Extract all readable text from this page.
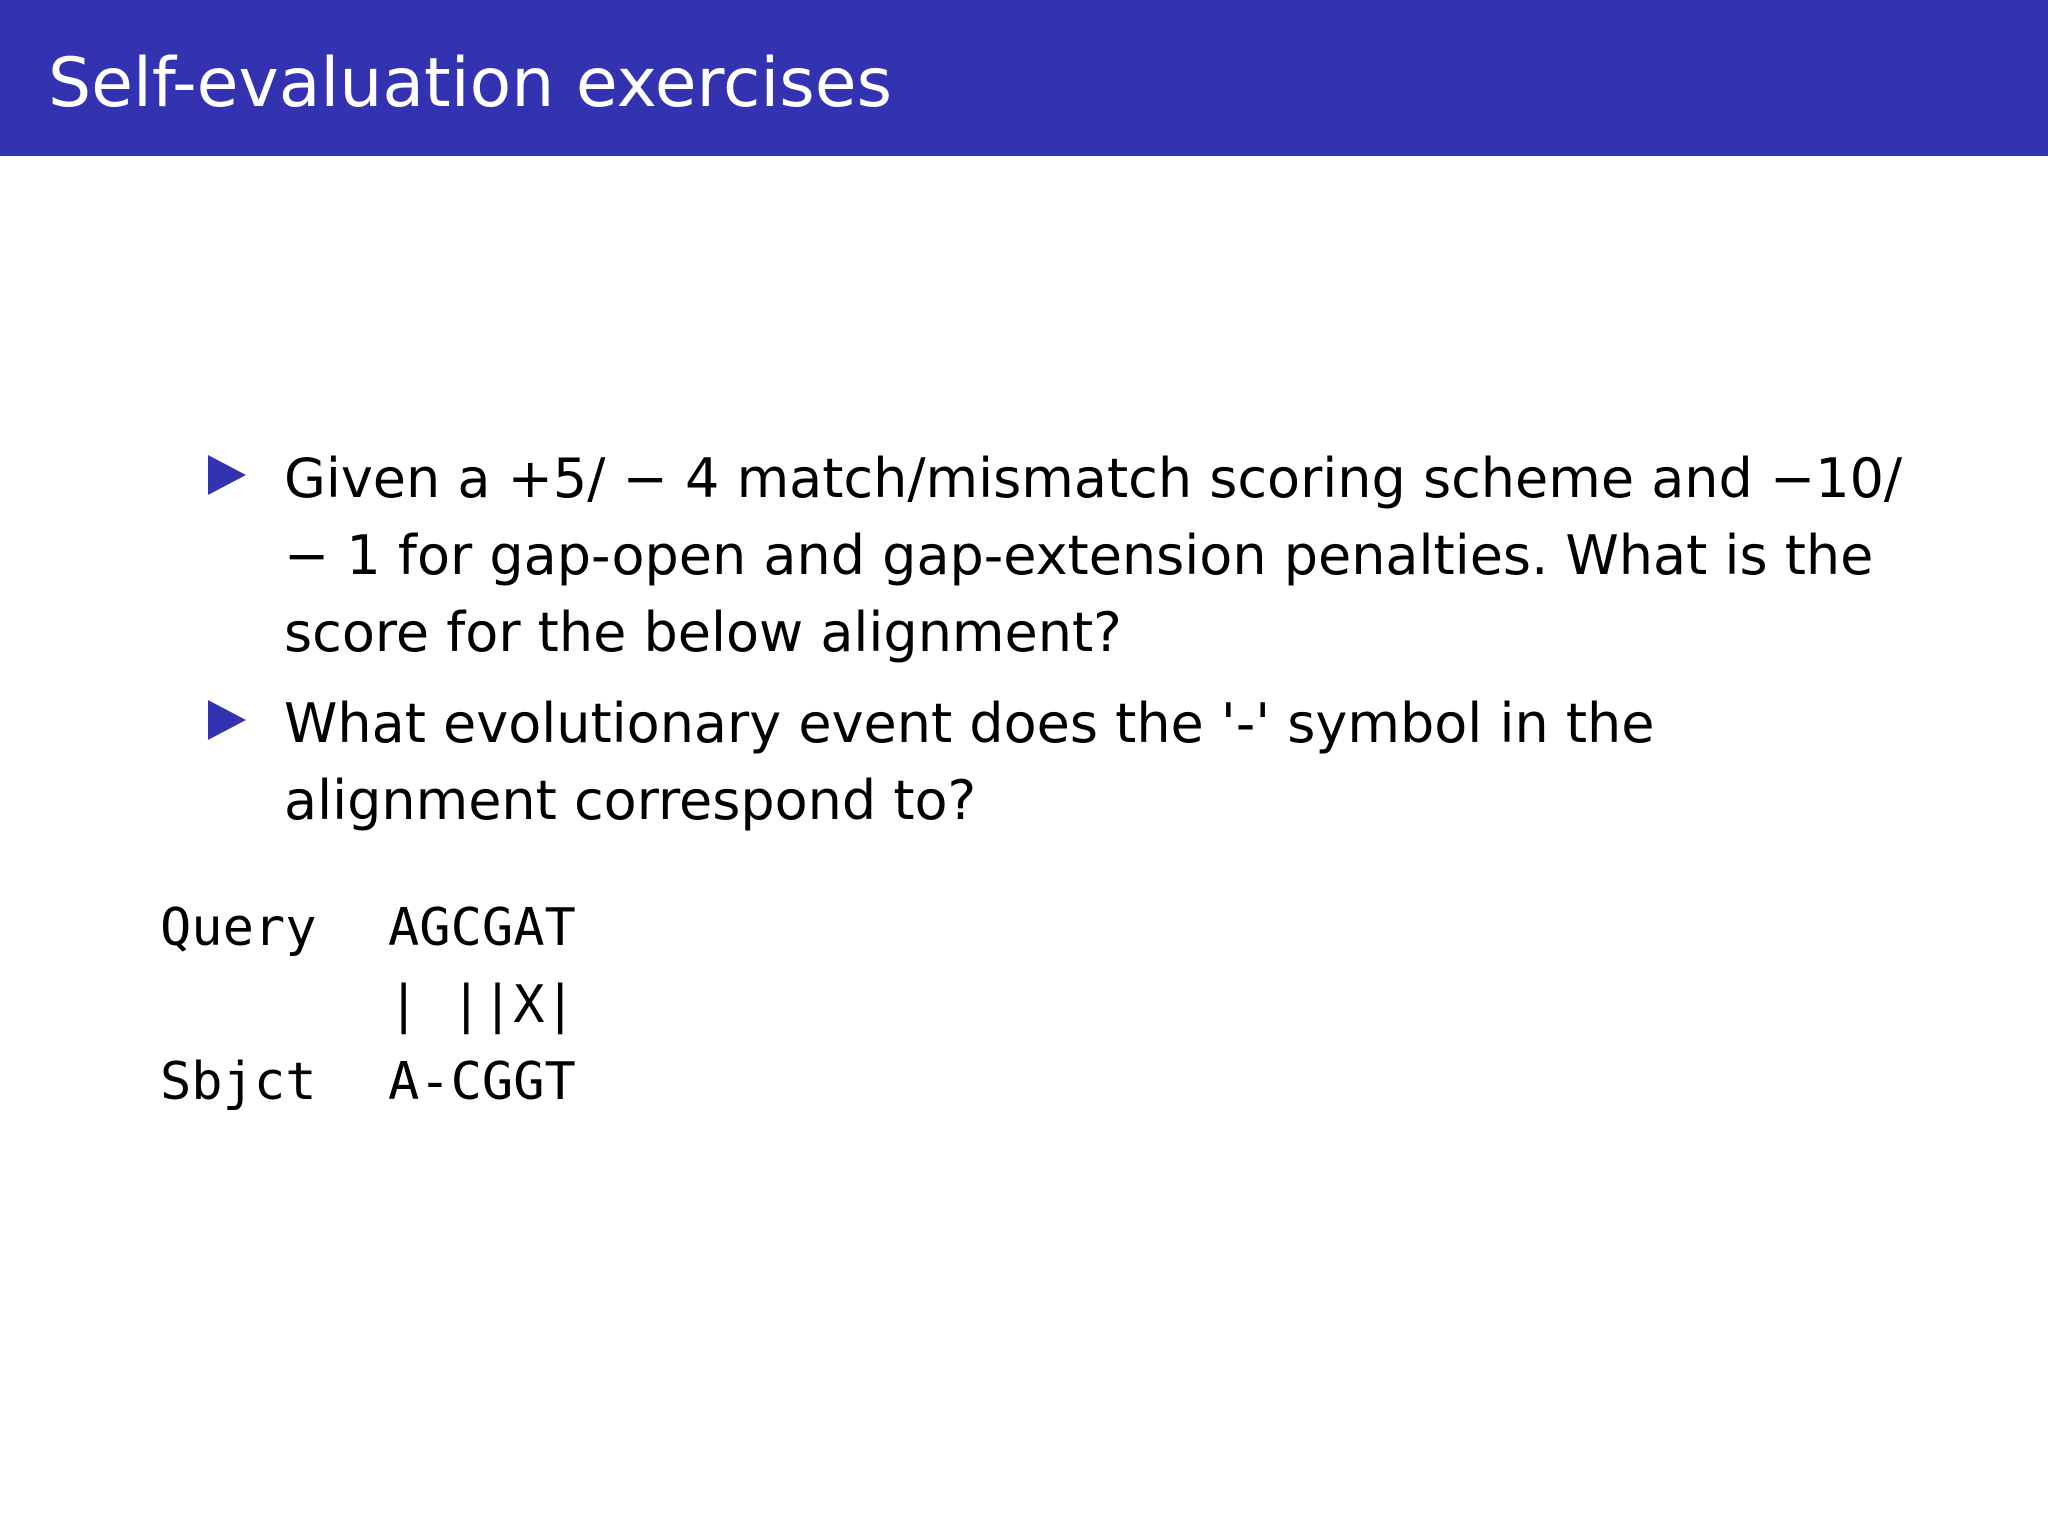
Self-evaluation exercises
Given a +5/ − 4 match/mismatch scoring scheme and −10/ − 1 for gap-open and gap-extension penalties. What is the score for the below alignment?
What evolutionary event does the '-' symbol in the alignment correspond to?
Query	AGCGAT
| ||X|
Sbjct	A-CGGT
